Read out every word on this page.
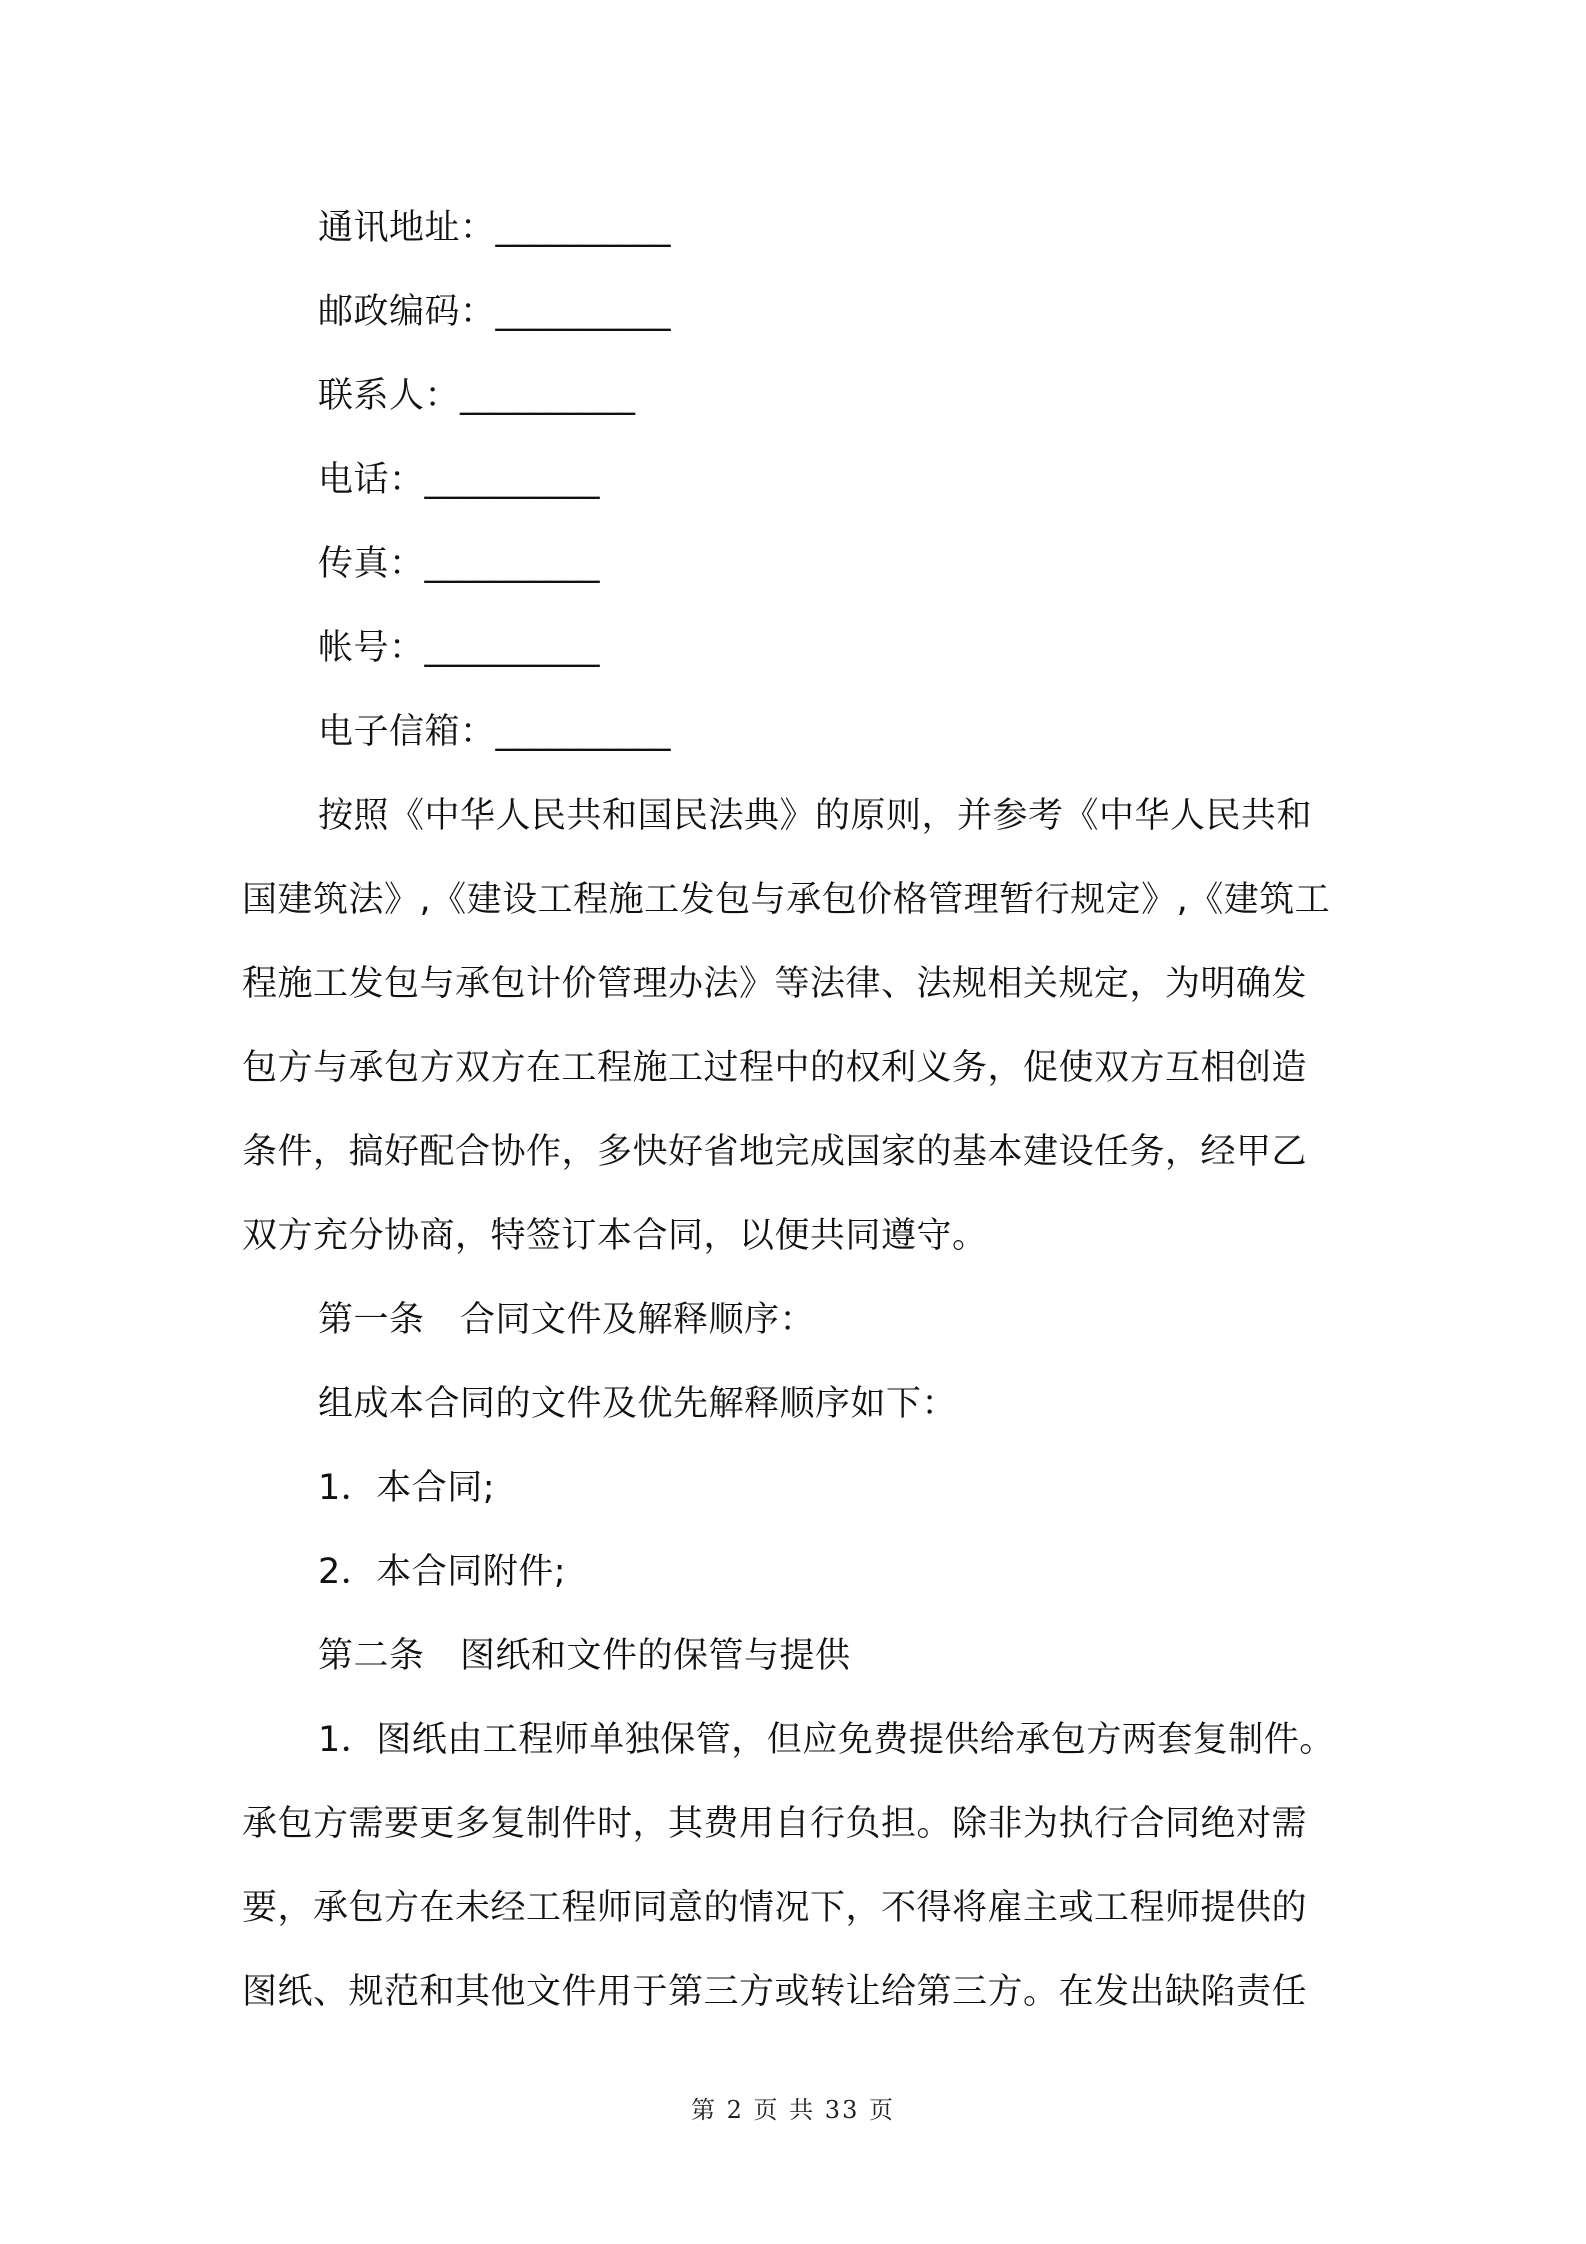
通讯地址：__________
邮政编码：__________
联系人：__________
电话：__________
传真：__________
帐号：__________
电子信箱：__________
按照《中华人民共和国民法典》的原则，并参考《中华人民共和
国建筑法》,《建设工程施工发包与承包价格管理暂行规定》,《建筑工
程施工发包与承包计价管理办法》等法律、法规相关规定，为明确发
包方与承包方双方在工程施工过程中的权利义务，促使双方互相创造
条件，搞好配合协作，多快好省地完成国家的基本建设任务，经甲乙
双方充分协商，特签订本合同，以便共同遵守。
第一条　合同文件及解释顺序：
组成本合同的文件及优先解释顺序如下：
1．本合同;
2．本合同附件;
第二条　图纸和文件的保管与提供
1．图纸由工程师单独保管，但应免费提供给承包方两套复制件。
承包方需要更多复制件时，其费用自行负担。除非为执行合同绝对需
要，承包方在未经工程师同意的情况下，不得将雇主或工程师提供的
图纸、规范和其他文件用于第三方或转让给第三方。在发出缺陷责任
第 2 页 共 33 页
